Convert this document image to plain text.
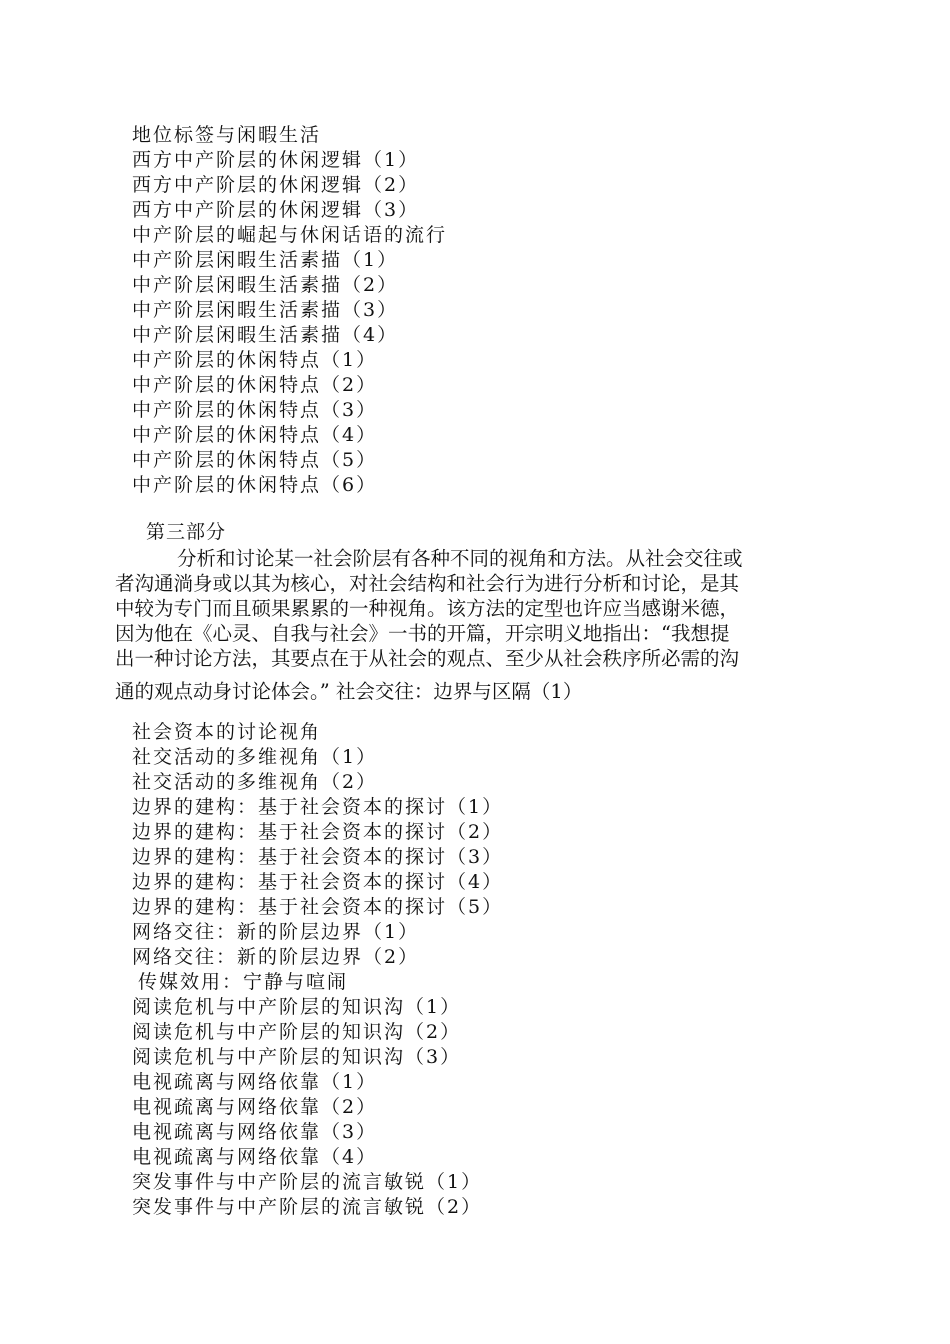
地位标签与闲暇生活
西方中产阶层的休闲逻辑（1）
西方中产阶层的休闲逻辑（2）
西方中产阶层的休闲逻辑（3）
中产阶层的崛起与休闲话语的流行
中产阶层闲暇生活素描（1）
中产阶层闲暇生活素描（2）
中产阶层闲暇生活素描（3）
中产阶层闲暇生活素描（4）
中产阶层的休闲特点（1）
中产阶层的休闲特点（2）
中产阶层的休闲特点（3）
中产阶层的休闲特点（4）
中产阶层的休闲特点（5）
中产阶层的休闲特点（6）
第三部分
分析和讨论某一社会阶层有各种不同的视角和方法。从社会交往或
者沟通淌身或以其为核心，对社会结构和社会行为进行分析和讨论，是其
中较为专门而且硕果累累的一种视角。该方法的定型也许应当感谢米德，
因为他在《心灵、自我与社会》一书的开篇，开宗明义地指出：“我想提
出一种讨论方法，其要点在于从社会的观点、至少从社会秩序所必需的沟
通的观点动身讨论体会。” 社会交往：边界与区隔（1）
社会资本的讨论视角
社交活动的多维视角（1）
社交活动的多维视角（2）
边界的建构：基于社会资本的探讨（1）
边界的建构：基于社会资本的探讨（2）
边界的建构：基于社会资本的探讨（3）
边界的建构：基于社会资本的探讨（4）
边界的建构：基于社会资本的探讨（5）
网络交往：新的阶层边界（1）
网络交往：新的阶层边界（2）
传媒效用：宁静与喧闹
阅读危机与中产阶层的知识沟（1）
阅读危机与中产阶层的知识沟（2）
阅读危机与中产阶层的知识沟（3）
电视疏离与网络依靠（1）
电视疏离与网络依靠（2）
电视疏离与网络依靠（3）
电视疏离与网络依靠（4）
突发事件与中产阶层的流言敏锐（1）
突发事件与中产阶层的流言敏锐（2）
